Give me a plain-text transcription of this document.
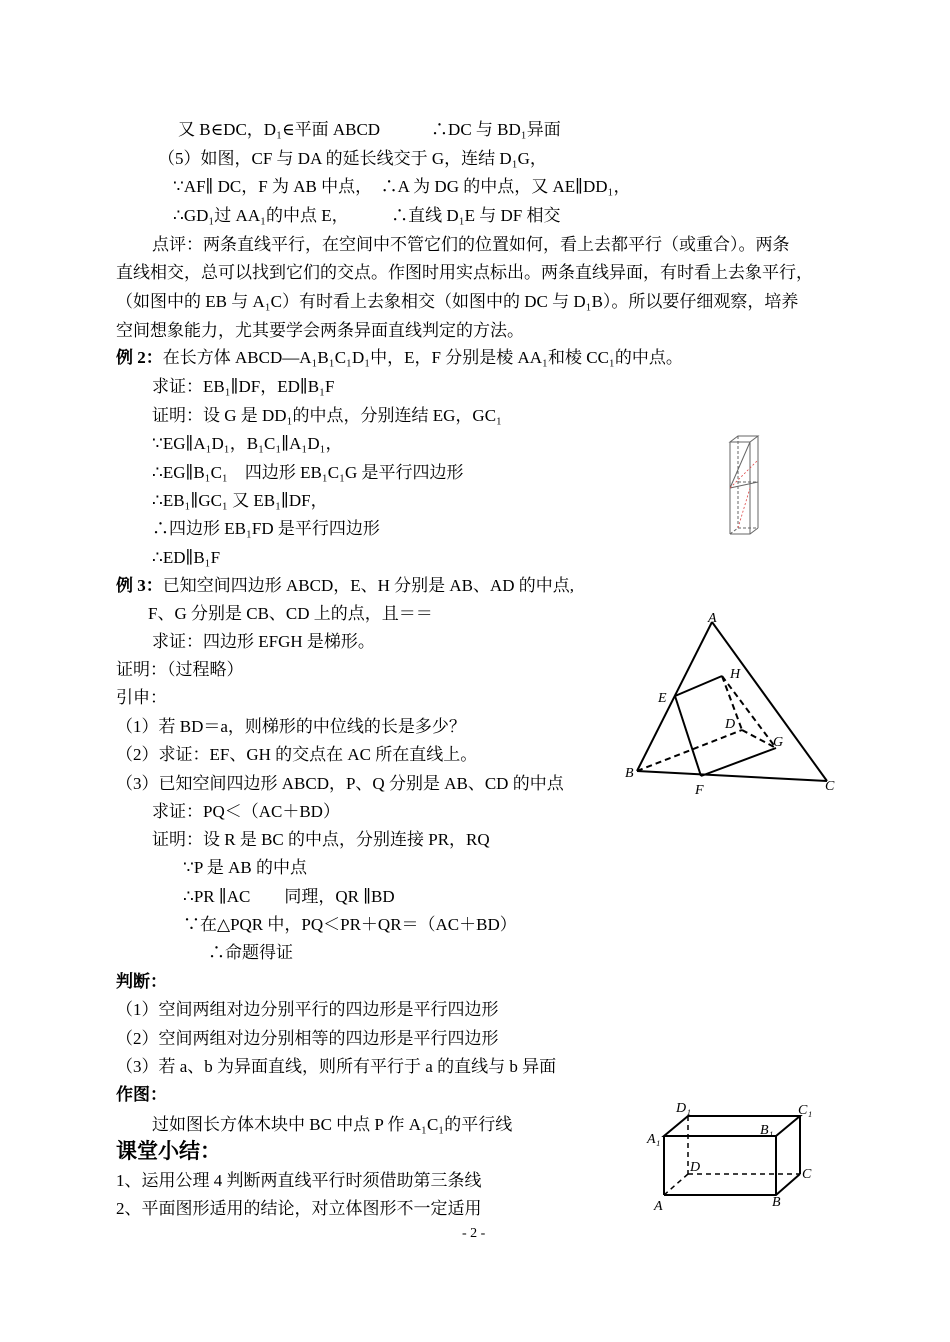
又 B∈DC，D₁∈平面 ABCD　　　∴DC 与 BD₁异面
（5）如图，CF 与 DA 的延长线交于 G，连结 D₁G，
∵AF∥ DC，F 为 AB 中点，　∴A 为 DG 的中点，又 AE∥DD₁，
∴GD₁过 AA₁的中点 E，　　　∴直线 D₁E 与 DF 相交
点评：两条直线平行，在空间中不管它们的位置如何，看上去都平行（或重合）。两条
直线相交，总可以找到它们的交点。作图时用实点标出。两条直线异面，有时看上去象平行，
（如图中的 EB 与 A₁C）有时看上去象相交（如图中的 DC 与 D₁B）。所以要仔细观察，培养
空间想象能力，尤其要学会两条异面直线判定的方法。
例 2：在长方体 ABCD—A₁B₁C₁D₁中，E，F 分别是棱 AA₁和棱 CC₁的中点。
求证：EB₁∥DF，ED∥B₁F
证明：设 G 是 DD₁的中点，分别连结 EG，GC₁
∵EG∥A₁D₁，B₁C₁∥A₁D₁，
∴EG∥B₁C₁　四边形 EB₁C₁G 是平行四边形
∴EB₁∥GC₁ 又 EB₁∥DF，
∴四边形 EB₁FD 是平行四边形
∴ED∥B₁F
例 3：已知空间四边形 ABCD，E、H 分别是 AB、AD 的中点,
F、G 分别是 CB、CD 上的点，且＝＝
求证：四边形 EFGH 是梯形。
证明：（过程略）
引申：
（1）若 BD＝a，则梯形的中位线的长是多少？
（2）求证：EF、GH 的交点在 AC 所在直线上。
（3）已知空间四边形 ABCD，P、Q 分别是 AB、CD 的中点
求证：PQ＜（AC＋BD）
证明：设 R 是 BC 的中点，分别连接 PR，RQ
∵P 是 AB 的中点
∴PR ∥AC　　同理，QR ∥BD
∵在△PQR 中，PQ＜PR＋QR＝（AC＋BD）
∴命题得证
判断：
（1）空间两组对边分别平行的四边形是平行四边形
（2）空间两组对边分别相等的四边形是平行四边形
（3）若 a、b 为异面直线，则所有平行于 a 的直线与 b 异面
作图：
过如图长方体木块中 BC 中点 P 作 A₁C₁的平行线
课堂小结：
1、运用公理 4 判断两直线平行时须借助第三条线
2、平面图形适用的结论，对立体图形不一定适用
- 2 -
A
H
E
D
G
B
F	C
D₁	C₁
A₁
B₁
D	C
A	B
